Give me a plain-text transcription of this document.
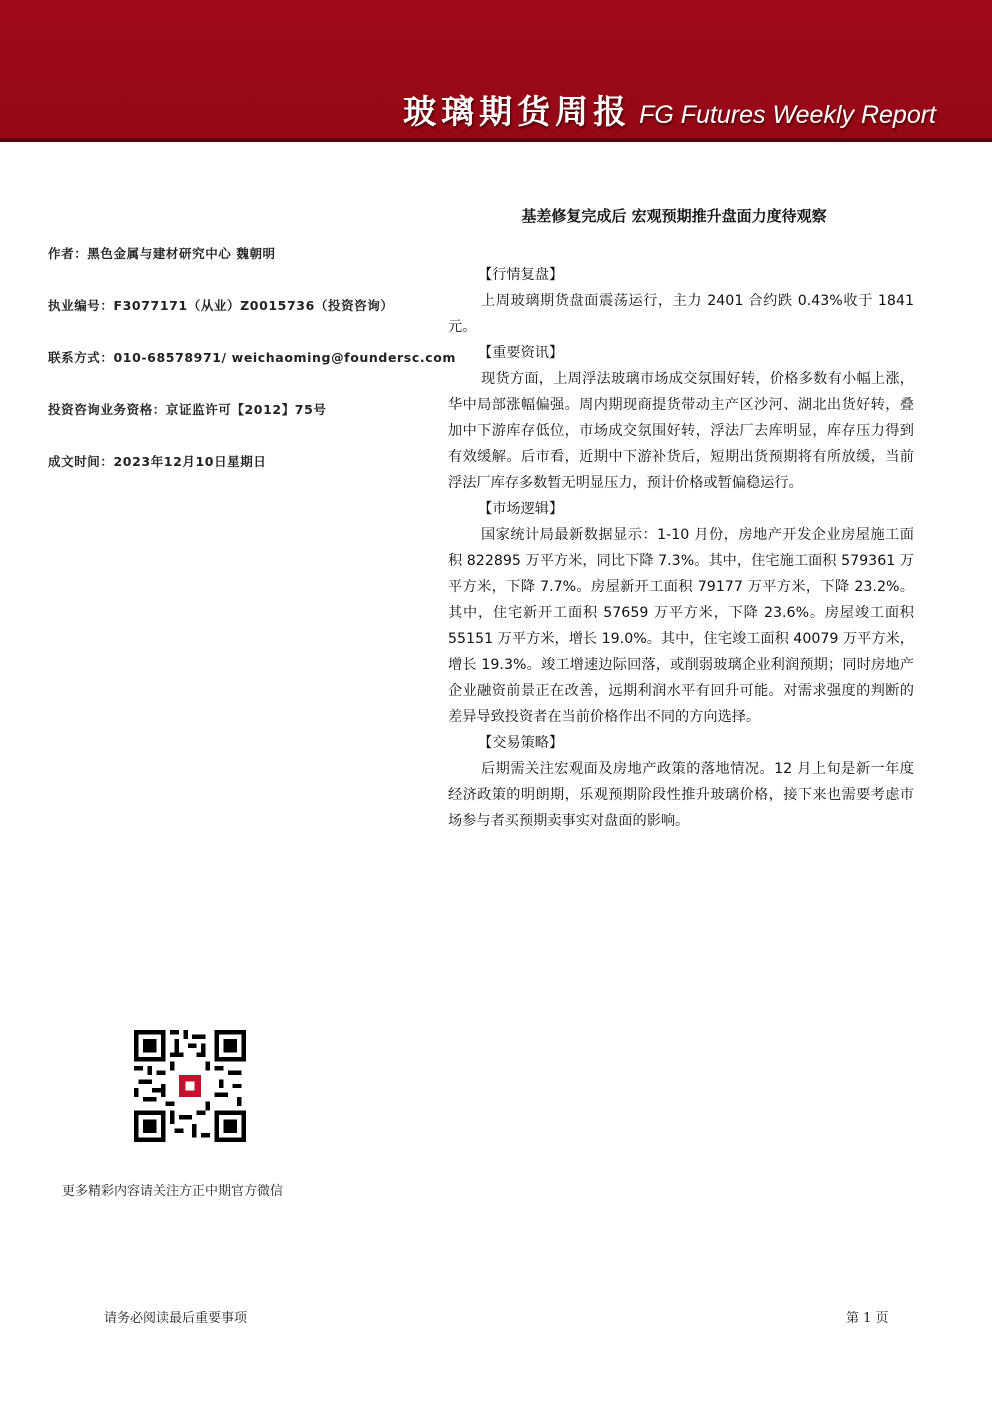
玻璃期货周报 FG Futures Weekly Report
作者：黑色金属与建材研究中心 魏朝明
执业编号：F3077171（从业）Z0015736（投资咨询）
联系方式：010-68578971/ weichaoming@foundersc.com
投资咨询业务资格：京证监许可【2012】75号
成文时间：2023年12月10日星期日
基差修复完成后 宏观预期推升盘面力度待观察
【行情复盘】

上周玻璃期货盘面震荡运行，主力 2401 合约跌 0.43%收于 1841 元。

【重要资讯】

现货方面，上周浮法玻璃市场成交氛围好转，价格多数有小幅上涨，华中局部涨幅偏强。周内期现商提货带动主产区沙河、湖北出货好转，叠加中下游库存低位，市场成交氛围好转，浮法厂去库明显，库存压力得到有效缓解。后市看，近期中下游补货后，短期出货预期将有所放缓，当前浮法厂库存多数暂无明显压力，预计价格或暂偏稳运行。

【市场逻辑】

国家统计局最新数据显示：1-10 月份，房地产开发企业房屋施工面积 822895 万平方米，同比下降 7.3%。其中，住宅施工面积 579361 万平方米，下降 7.7%。房屋新开工面积 79177 万平方米，下降 23.2%。其中，住宅新开工面积 57659 万平方米，下降 23.6%。房屋竣工面积 55151 万平方米，增长 19.0%。其中，住宅竣工面积 40079 万平方米，增长 19.3%。竣工增速边际回落，或削弱玻璃企业利润预期；同时房地产企业融资前景正在改善，远期利润水平有回升可能。对需求强度的判断的差异导致投资者在当前价格作出不同的方向选择。

【交易策略】

后期需关注宏观面及房地产政策的落地情况。12 月上旬是新一年度经济政策的明朗期，乐观预期阶段性推升玻璃价格，接下来也需要考虑市场参与者买预期卖事实对盘面的影响。

更多精彩内容请关注方正中期官方微信
请务必阅读最后重要事项	第 1 页
